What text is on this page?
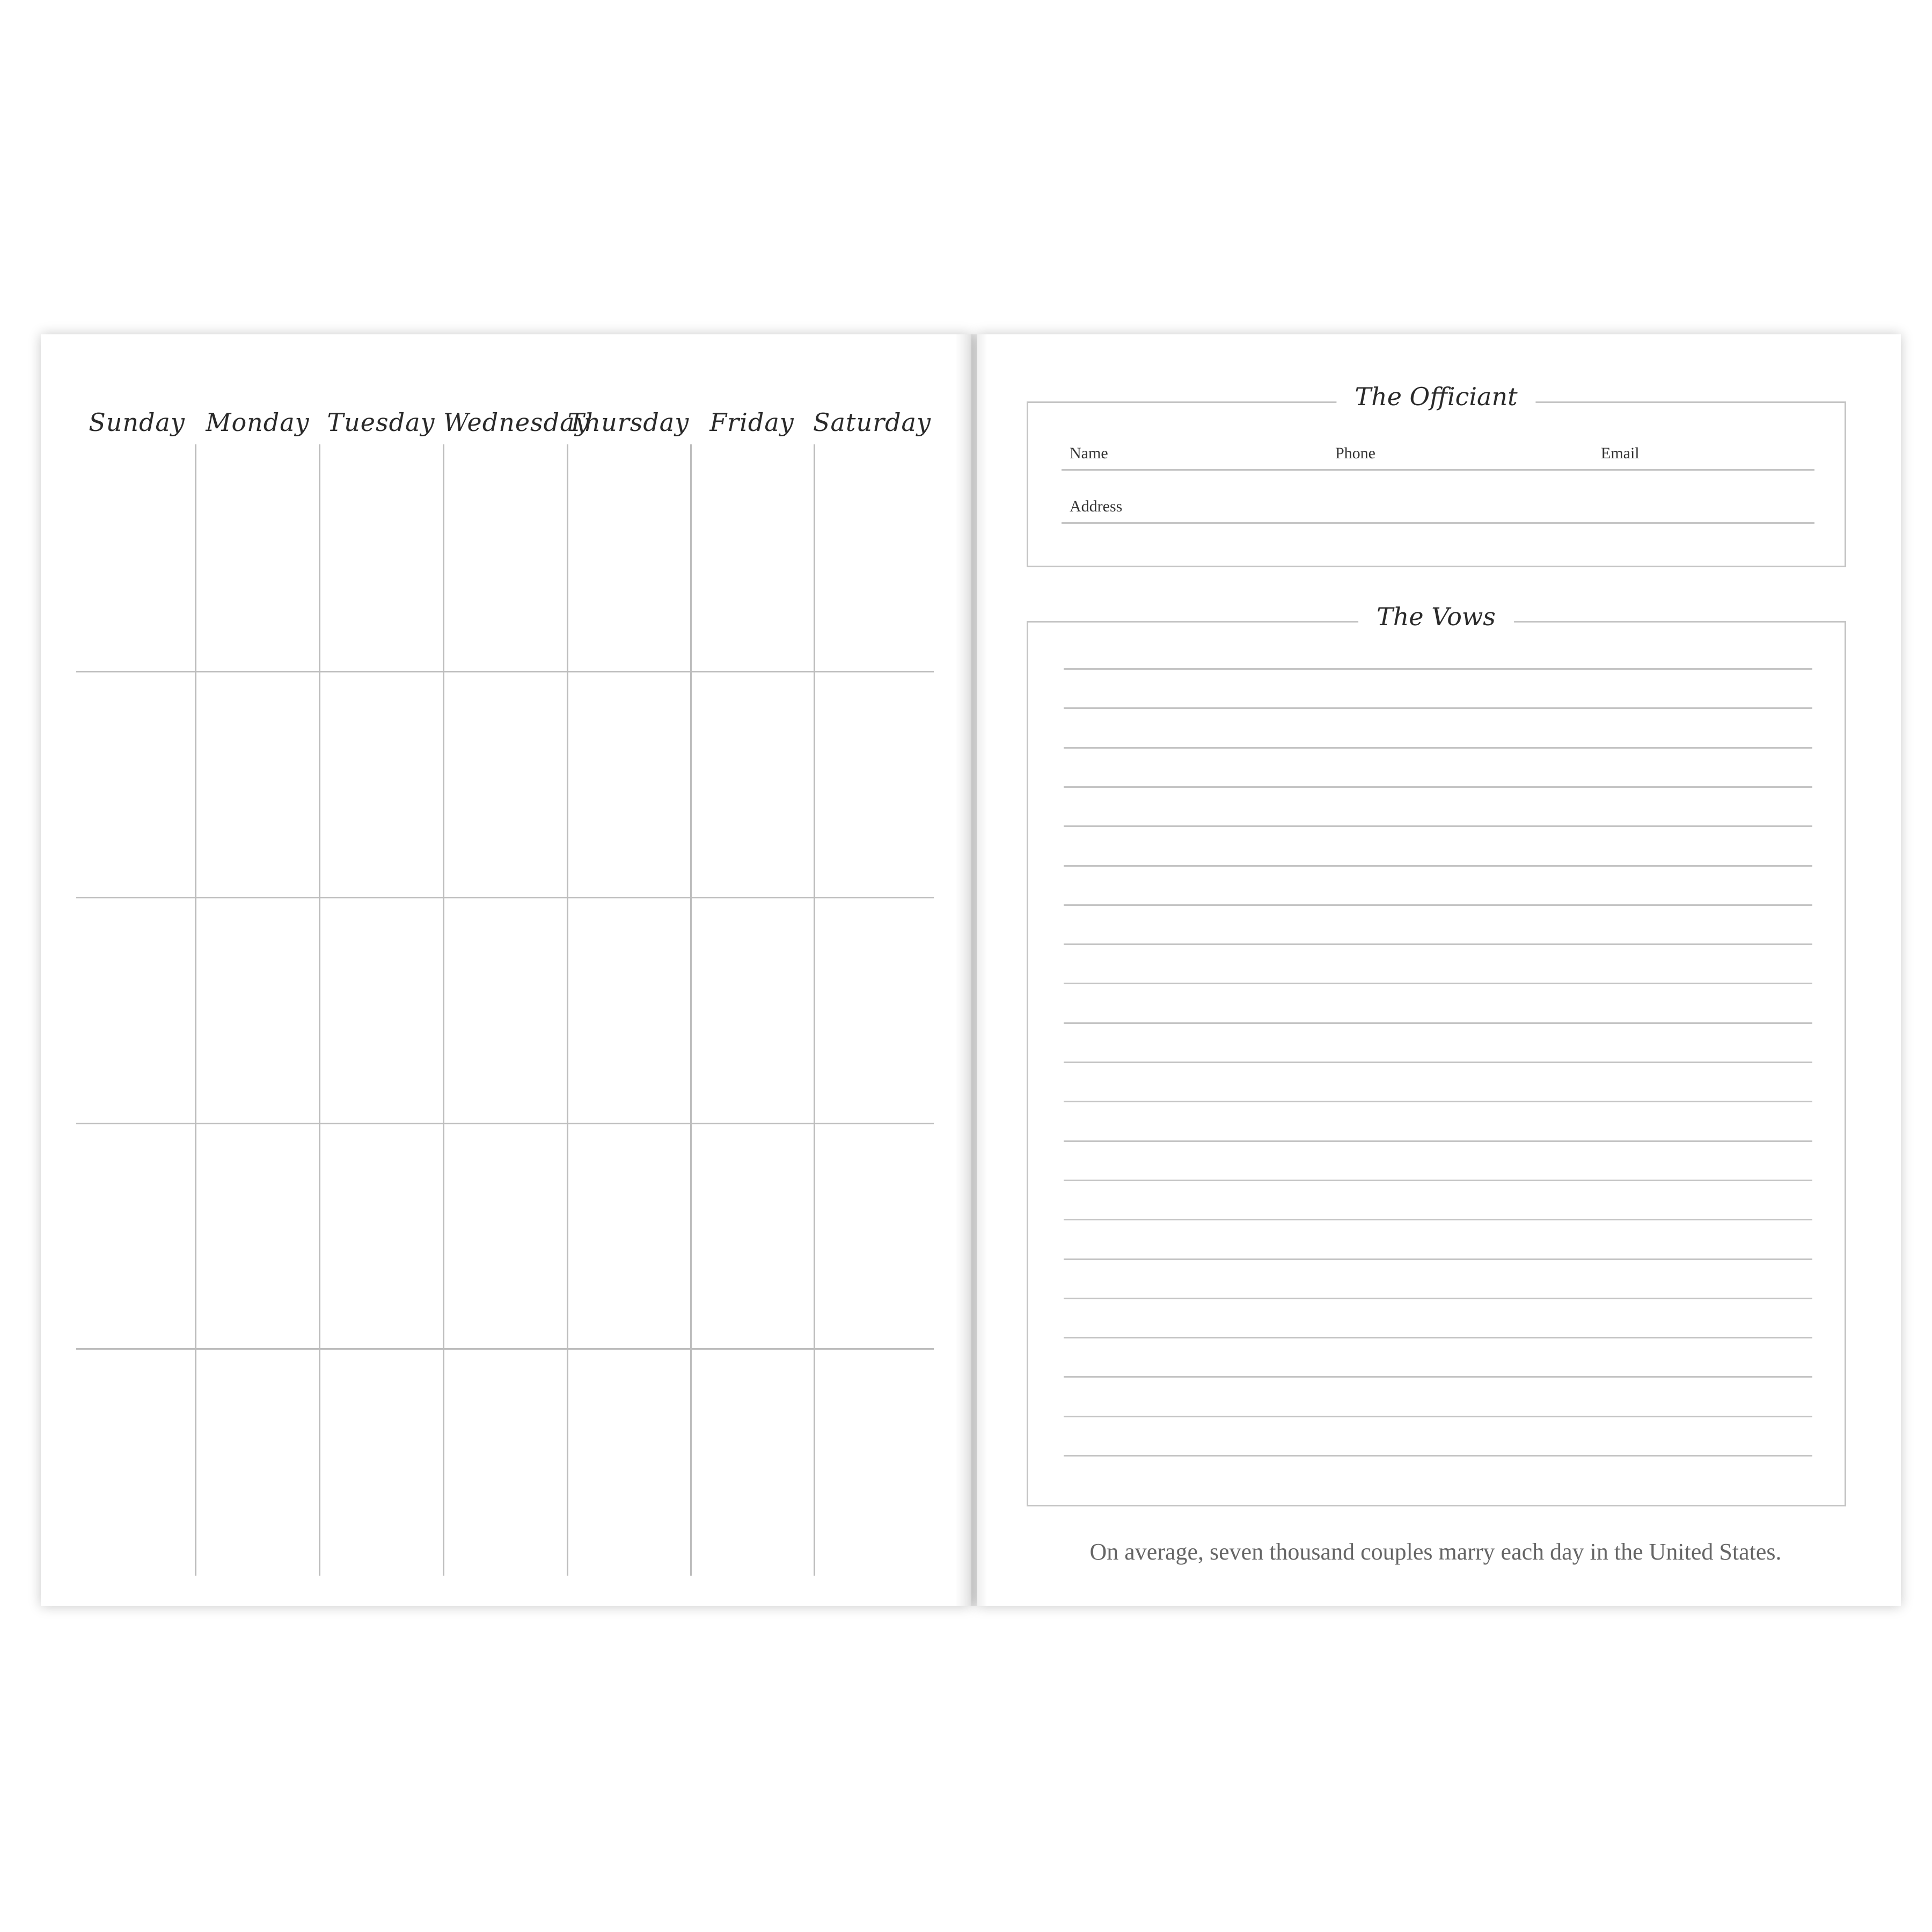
Sunday Monday Tuesday Wednesday
Thursday Friday Saturday
The Officiant
Name	Phone	Email
Address
The Vows
On average, seven thousand couples marry each day in the United States.
